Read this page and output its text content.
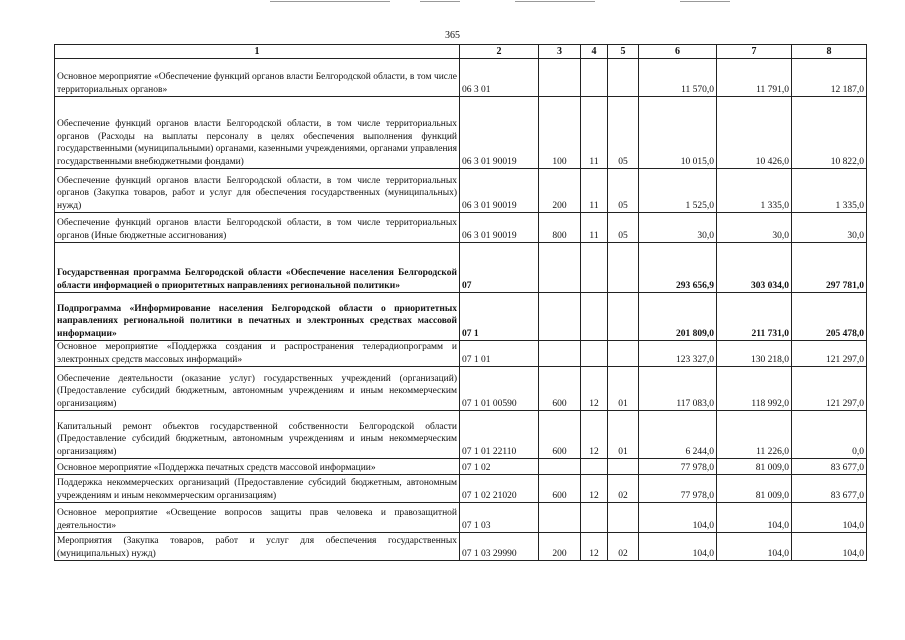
365
1	2	3	4	5	6	7	8
Основное мероприятие «Обеспечение функций органов власти Белгородской области, в том числе территориальных органов»	06 3 01				11 570,0	11 791,0	12 187,0
Обеспечение функций органов власти Белгородской области, в том числе территориальных органов (Расходы на выплаты персоналу в целях обеспечения выполнения функций государственными (муниципальными) органами, казенными учреждениями, органами управления государственными внебюджетными фондами)	06 3 01 90019	100	11	05	10 015,0	10 426,0	10 822,0
Обеспечение функций органов власти Белгородской области, в том числе территориальных органов (Закупка товаров, работ и услуг для обеспечения государственных (муниципальных) нужд)	06 3 01 90019	200	11	05	1 525,0	1 335,0	1 335,0
Обеспечение функций органов власти Белгородской области, в том числе территориальных органов (Иные бюджетные ассигнования)	06 3 01 90019	800	11	05	30,0	30,0	30,0
Государственная программа Белгородской области «Обеспечение населения Белгородской области информацией о приоритетных направлениях региональной политики»	07				293 656,9	303 034,0	297 781,0
Подпрограмма «Информирование населения Белгородской области о приоритетных направлениях региональной политики в печатных и электронных средствах массовой информации»	07 1				201 809,0	211 731,0	205 478,0
Основное мероприятие «Поддержка создания и распространения телерадиопрограмм и электронных средств массовых информаций»	07 1 01				123 327,0	130 218,0	121 297,0
Обеспечение деятельности (оказание услуг) государственных учреждений (организаций) (Предоставление субсидий бюджетным, автономным учреждениям и иным некоммерческим организациям)	07 1 01 00590	600	12	01	117 083,0	118 992,0	121 297,0
Капитальный ремонт объектов государственной собственности Белгородской области (Предоставление субсидий бюджетным, автономным учреждениям и иным некоммерческим организациям)	07 1 01 22110	600	12	01	6 244,0	11 226,0	0,0
Основное мероприятие «Поддержка печатных средств массовой информации»	07 1 02				77 978,0	81 009,0	83 677,0
Поддержка некоммерческих организаций (Предоставление субсидий бюджетным, автономным учреждениям и иным некоммерческим организациям)	07 1 02 21020	600	12	02	77 978,0	81 009,0	83 677,0
Основное мероприятие «Освещение вопросов защиты прав человека и правозащитной деятельности»	07 1 03				104,0	104,0	104,0
Мероприятия (Закупка товаров, работ и услуг для обеспечения государственных (муниципальных) нужд)	07 1 03 29990	200	12	02	104,0	104,0	104,0
